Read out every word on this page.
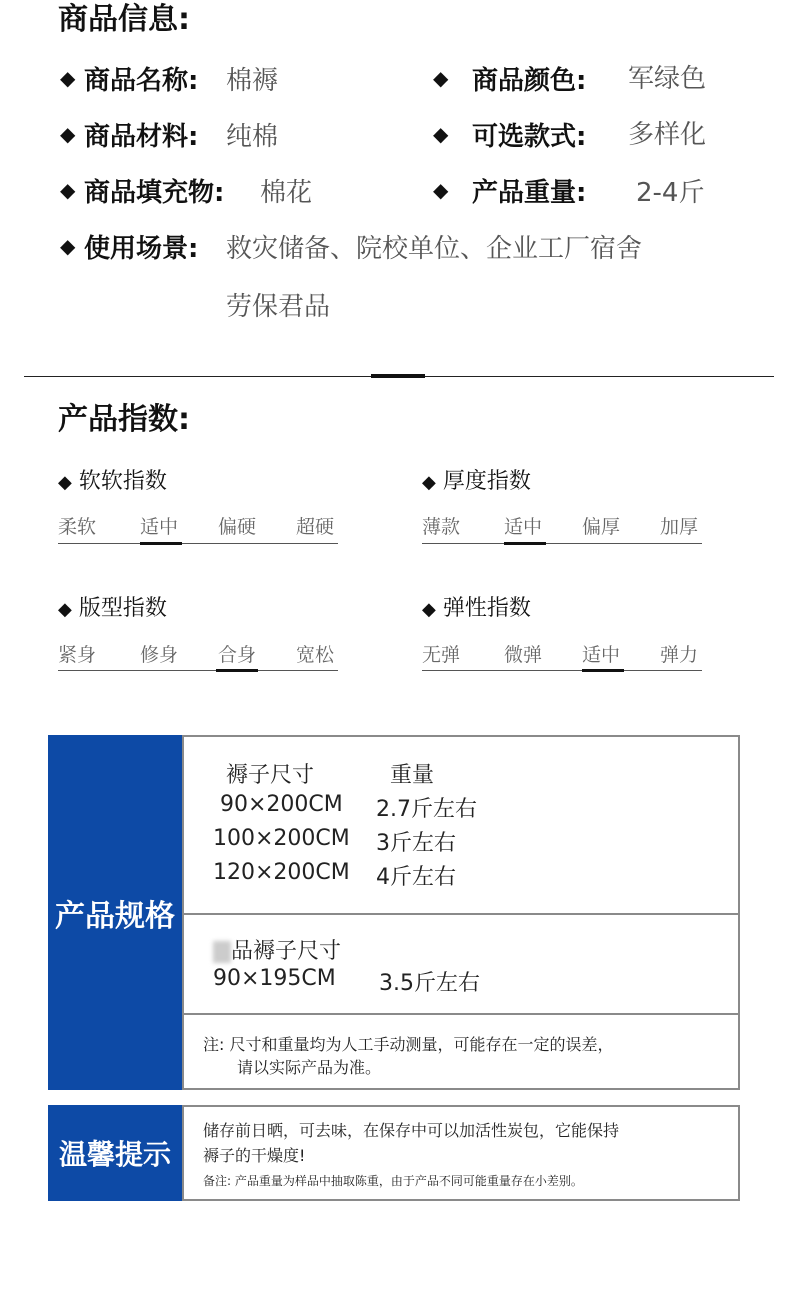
商品信息:
◆ 商品名称: 棉褥	◆ 商品颜色: 军绿色
◆ 商品材料: 纯棉	◆ 可选款式: 多样化
◆ 商品填充物: 棉花	◆ 产品重量: 2-4斤
◆ 使用场景: 救灾储备、院校单位、企业工厂宿舍
劳保君品
产品指数:
◆ 软软指数
柔软 适中 偏硬 超硬
◆ 厚度指数
薄款 适中 偏厚 加厚
◆ 版型指数
紧身 修身 合身 宽松
◆ 弹性指数
无弹 微弹 适中 弹力
产品规格
褥子尺寸	重量
90×200CM 2.7斤左右
100×200CM 3斤左右
120×200CM 4斤左右
品褥子尺寸
90×195CM 3.5斤左右
注: 尺寸和重量均为人工手动测量，可能存在一定的误差，
请以实际产品为准。
温馨提示
储存前日晒，可去味，在保存中可以加活性炭包，它能保持
褥子的干燥度!
备注: 产品重量为样品中抽取陈重，由于产品不同可能重量存在小差别。
